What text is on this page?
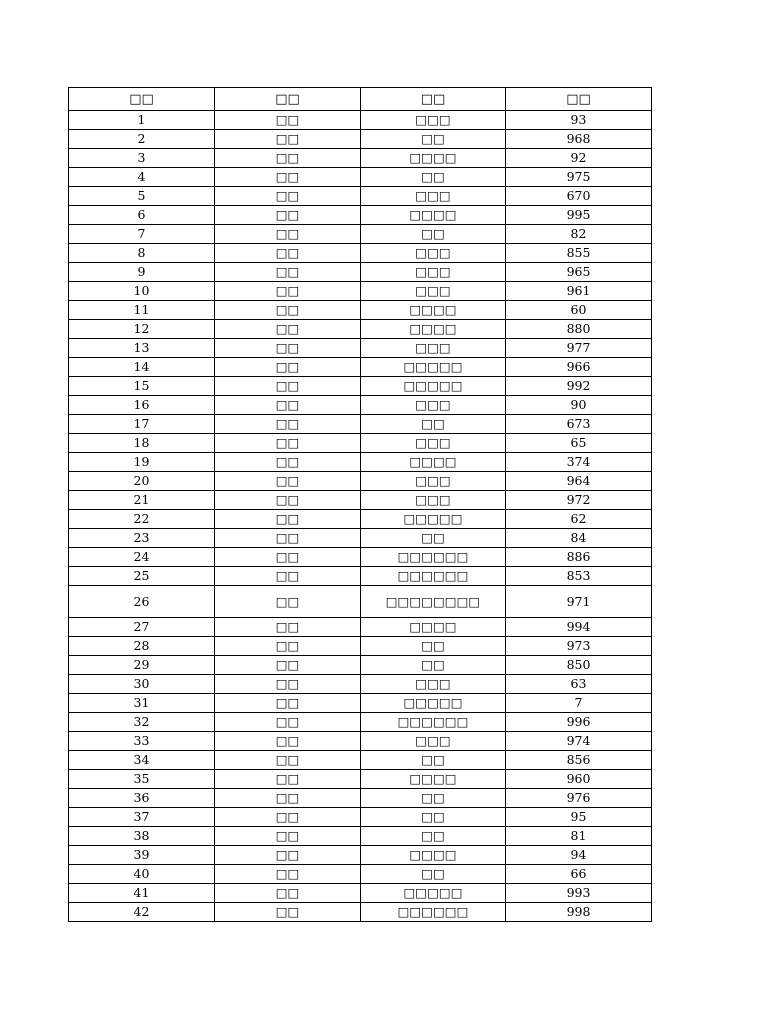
□□	□□	□□	□□
1	□□	□□□	93
2	□□	□□	968
3	□□	□□□□	92
4	□□	□□	975
5	□□	□□□	670
6	□□	□□□□	995
7	□□	□□	82
8	□□	□□□	855
9	□□	□□□	965
10	□□	□□□	961
11	□□	□□□□	60
12	□□	□□□□	880
13	□□	□□□	977
14	□□	□□□□□	966
15	□□	□□□□□	992
16	□□	□□□	90
17	□□	□□	673
18	□□	□□□	65
19	□□	□□□□	374
20	□□	□□□	964
21	□□	□□□	972
22	□□	□□□□□	62
23	□□	□□	84
24	□□	□□□□□□	886
25	□□	□□□□□□	853
26	□□	□□□□□□□□	971
27	□□	□□□□	994
28	□□	□□	973
29	□□	□□	850
30	□□	□□□	63
31	□□	□□□□□	7
32	□□	□□□□□□	996
33	□□	□□□	974
34	□□	□□	856
35	□□	□□□□	960
36	□□	□□	976
37	□□	□□	95
38	□□	□□	81
39	□□	□□□□	94
40	□□	□□	66
41	□□	□□□□□	993
42	□□	□□□□□□	998
